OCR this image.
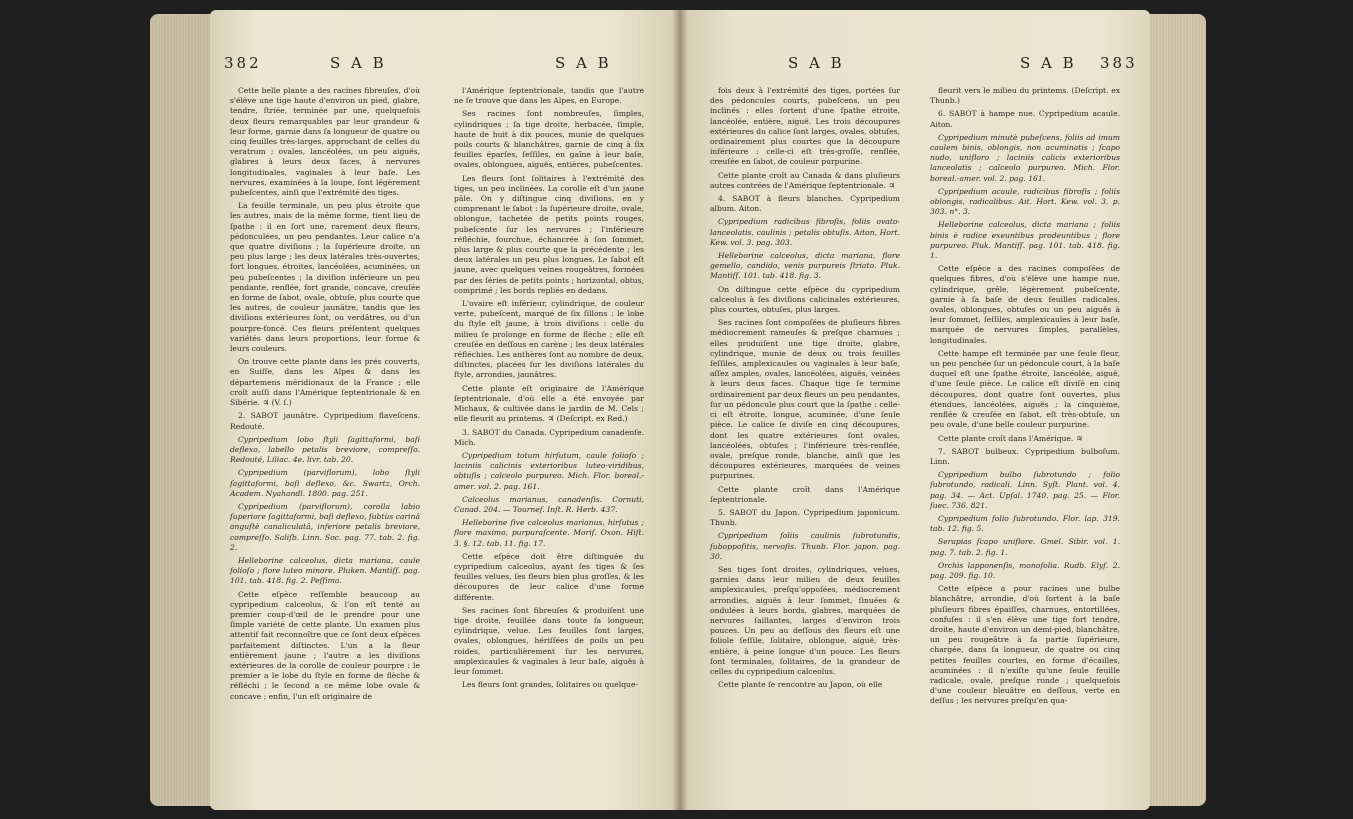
382	S A B	S A B

Cette belle plante a des racines fibreuſes, d'où s'élève une tige haute d'environ un pied, glabre, tendre, ſtriée, terminée par une, quelquefois deux fleurs remarquables par leur grandeur & leur forme, garnie dans ſa longueur de quatre ou cinq feuilles très-larges, approchant de celles du veratrum ; ovales, lancéolées, un peu aiguës, glabres à leurs deux faces, à nervures longitudinales, vaginales à leur baſe. Les nervures, examinées à la loupe, ſont légèrement pubeſcentes, ainſi que l'extrémité des tiges.

La feuille terminale, un peu plus étroite que les autres, mais de la même forme, tient lieu de ſpathe : il en ſort une, rarement deux fleurs, pédonculées, un peu pendantes. Leur calice n'a que quatre diviſions ; la ſupérieure droite, un peu plus large ; les deux latérales très-ouvertes, fort longues, étroites, lancéolées, acuminées, un peu pubeſcentes ; la diviſion inférieure un peu pendante, renflée, fort grande, concave, creuſée en forme de ſabot, ovale, obtuſe, plus courte que les autres, de couleur jaunâtre, tandis que les diviſions extérieures ſont, ou verdâtres, ou d'un pourpre-foncé. Ces fleurs préſentent quelques variétés dans leurs proportions, leur forme & leurs couleurs.

On trouve cette plante dans les prés couverts, en Suiſſe, dans les Alpes & dans les départemens méridionaux de la France ; elle croît auſſi dans l'Amérique ſeptentrionale & en Sibérie. ♃ (V. ſ.)

2. SABOT jaunâtre. Cypripedium flaveſcens. Redouté.

Cypripedium lobo ſtyli ſagittaformi, baſi deflexo, labello petalis breviore, compreſſo. Redouté, Liliac. 4e. livr. tab. 20.

Cypripedium (parviflorum), lobo ſtyli ſagittaformi, baſi deflexo, &c. Swartz, Orch. Academ. Nyahandl. 1800. pag. 251.

Cypripedium (parviflorum), corolla labio ſuperiore ſagittaformi, baſi deflexo, ſubtùs carinâ anguſtè canaliculatâ, inferiore petalis breviore, compreſſo. Saliſb. Linn. Soc. pag. 77. tab. 2. fig. 2.

Helleborine calceolus, dicta mariana, caule folioſo ; flore luteo minore. Pluken. Mantiſſ. pag. 101. tab. 418. fig. 2. Peſſima.

Cette eſpèce reſſemble beaucoup au cypripedium calceolus, & l'on eſt tenté au premier coup-d'œil de le prendre pour une ſimple variété de cette plante. Un examen plus attentif fait reconnoître que ce ſont deux eſpèces parfaitement diſtinctes. L'un a la fleur entièrement jaune ; l'autre a les diviſions extérieures de la corolle de couleur pourpre : le premier a le lobe du ſtyle en forme de flèche & réfléchi ; le ſecond a ce même lobe ovale & concave ; enfin, l'un eſt originaire de

l'Amérique ſeptentrionale, tandis que l'autre ne ſe trouve que dans les Alpes, en Europe.

Ses racines ſont nombreuſes, ſimples, cylindriques ; ſa tige droite, herbacée, ſimple, haute de huit à dix pouces, munie de quelques poils courts & blanchâtres, garnie de cinq à ſix feuilles éparſes, ſeſſiles, en gaîne à leur baſe, ovales, oblongues, aiguës, entières, pubeſcentes.

Les fleurs ſont ſolitaires à l'extrémité des tiges, un peu inclinées. La corolle eſt d'un jaune pâle. On y diſtingue cinq diviſions, en y comprenant le ſabot : la ſupérieure droite, ovale, oblongue, tachetée de petits points rouges, pubeſcente ſur les nervures ; l'inférieure réfléchie, fourchue, échancrée à ſon ſommet, plus large & plus courte que la précédente ; les deux latérales un peu plus longues. Le ſabot eſt jaune, avec quelques veines rougeâtres, formées par des ſéries de petits points ; horizontal, obtus, comprimé ; les bords repliés en dedans.

L'ovaire eſt inférieur, cylindrique, de couleur verte, pubeſcent, marqué de ſix ſillons : le lobe du ſtyle eſt jaune, à trois diviſions : celle du milieu ſe prolonge en forme de flèche ; elle eſt creuſée en deſſous en carène ; les deux latérales réfléchies. Les anthères ſont au nombre de deux, diſtinctes, placées ſur les diviſions latérales du ſtyle, arrondies, jaunâtres.

Cette plante eſt originaire de l'Amérique ſeptentrionale, d'où elle a été envoyée par Michaux, & cultivée dans le jardin de M. Cels ; elle fleurit au printems. ♃ (Deſcript. ex Red.)

3. SABOT du Canada. Cypripedium canadenſe. Mich.

Cypripedium totum hirſutum, caule folioſo ; laciniis calicinis exterioribus luteo-viridibus, obtuſis ; calceolo purpureo. Mich. Flor. boreal.-amer. vol. 2. pag. 161.

Calceolus marianus, canadenſis. Cornuti, Canad. 204. — Tournef. Inſt. R. Herb. 437.

Helleborine ſive calceolus marianus, hirſutus ; flore maximo, purpuraſcente. Moriſ. Oxon. Hiſt. 3. §. 12. tab. 11. fig. 17.

Cette eſpèce doit être diſtinguée du cypripedium calceolus, ayant ſes tiges & ſes feuilles velues, ſes fleurs bien plus groſſes, & les découpures de leur calice d'une forme différente.

Ses racines ſont fibreuſes & produiſent une tige droite, feuillée dans toute ſa longueur, cylindrique, velue. Les feuilles ſont larges, ovales, oblongues, hériſſées de poils un peu roides, particulièrement ſur les nervures, amplexicaules & vaginales à leur baſe, aiguës à leur ſommet.

Les fleurs ſont grandes, ſolitaires ou quelque-

S A B	S A B 383

fois deux à l'extrémité des tiges, portées ſur des pédoncules courts, pubeſcens, un peu inclinés : elles ſortent d'une ſpathe étroite, lancéolée, entière, aiguë. Les trois découpures extérieures du calice ſont larges, ovales, obtuſes, ordinairement plus courtes que la découpure inférieure : celle-ci eſt très-groſſe, renflée, creuſée en ſabot, de couleur purpurine.

Cette plante croît au Canada & dans pluſieurs autres contrées de l'Amérique ſeptentrionale. ♃

4. SABOT à fleurs blanches. Cypripedium album. Aiton.

Cypripedium radicibus fibroſis, foliis ovato-lanceolatis, caulinis ; petalis obtuſis. Aiton, Hort. Kew. vol. 3. pag. 303.

Helleborine calceolus, dicta mariana, flore gemello, candido, venis purpureis ſtriato. Pluk. Mantiſſ. 101. tab. 418. fig. 3.

On diſtingue cette eſpèce du cypripedium calceolus à ſes diviſions calicinales extérieures, plus courtes, obtuſes, plus larges.

Ses racines ſont compoſées de pluſieurs fibres médiocrement rameuſes & preſque charnues ; elles produiſent une tige droite, glabre, cylindrique, munie de deux ou trois feuilles ſeſſiles, amplexicaules ou vaginales à leur baſe, aſſez amples, ovales, lancéolées, aiguës, veinées à leurs deux faces. Chaque tige ſe termine ordinairement par deux fleurs un peu pendantes, ſur un pédoncule plus court que la ſpathe : celle-ci eſt étroite, longue, acuminée, d'une ſeule pièce. Le calice ſe diviſe en cinq découpures, dont les quatre extérieures ſont ovales, lancéolées, obtuſes ; l'inférieure très-renflée, ovale, preſque ronde, blanche, ainſi que les découpures extérieures, marquées de veines purpurines.

Cette plante croît dans l'Amérique ſeptentrionale.

5. SABOT du Japon. Cypripedium japonicum. Thunb.

Cypripedium foliis caulinis ſubrotundis, ſuboppoſitis, nervoſis. Thunb. Flor. japon. pag. 30.

Ses tiges ſont droites, cylindriques, velues, garnies dans leur milieu de deux feuilles amplexicaules, preſqu'oppoſées, médiocrement arrondies, aiguës à leur ſommet, ſinuées & ondulées à leurs bords, glabres, marquées de nervures ſaillantes, larges d'environ trois pouces. Un peu au deſſous des fleurs eſt une foliole ſeſſile, ſolitaire, oblongue, aiguë, très-entière, à peine longue d'un pouce. Les fleurs ſont terminales, ſolitaires, de la grandeur de celles du cypripedium calceolus.

Cette plante ſe rencontre au Japon, où elle

fleurit vers le milieu du printems. (Deſcript. ex Thunb.)

6. SABOT à hampe nue. Cypripedium acaule. Aiton.

Cypripedium minutè pubeſcens, foliis ad imum caulem binis, oblongis, non acuminatis ; ſcapo nudo, unifloro ; laciniis calicis exterioribus lanceolatis ; calceolo purpureo. Mich. Flor. boreal.-amer. vol. 2. pag. 161.

Cypripedium acaule, radicibus fibroſis ; foliis oblongis, radicalibus. Ait. Hort. Kew. vol. 3. p. 303. n°. 3.

Helleborine calceolus, dicta mariana ; foliis binis è radice exeuntibus prodeuntibus ; flore purpureo. Pluk. Mantiſſ. pag. 101. tab. 418. fig. 1.

Cette eſpèce a des racines compoſées de quelques fibres, d'où s'élève une hampe nue, cylindrique, grêle, légèrement pubeſcente, garnie à ſa baſe de deux feuilles radicales, ovales, oblongues, obtuſes ou un peu aiguës à leur ſommet, ſeſſiles, amplexicaules à leur baſe, marquée de nervures ſimples, parallèles, longitudinales.

Cette hampe eſt terminée par une ſeule fleur, un peu penchée ſur un pédoncule court, à la baſe duquel eſt une ſpathe étroite, lancéolée, aiguë, d'une ſeule pièce. Le calice eſt diviſé en cinq découpures, dont quatre ſont ouvertes, plus étendues, lancéolées, aiguës ; la cinquième, renflée & creuſée en ſabot, eſt très-obtuſe, un peu ovale, d'une belle couleur purpurine.

Cette plante croît dans l'Amérique. ♃

7. SABOT bulbeux. Cypripedium bulboſum. Linn.

Cypripedium bulbo ſubrotundo ; folio ſubrotundo, radicali. Linn. Syſt. Plant. vol. 4. pag. 34. — Act. Upſal. 1740. pag. 25. — Flor. ſuec. 736. 821.

Cypripedium folio ſubrotundo. Flor. lap. 319. tab. 12. fig. 5.

Serapias ſcapo uniflore. Gmel. Sibir. vol. 1. pag. 7. tab. 2. fig. 1.

Orchis lapponenſis, monofolia. Rudb. Elyſ. 2. pag. 209. fig. 10.

Cette eſpèce a pour racines une bulbe blanchâtre, arrondie, d'où ſortent à la baſe pluſieurs fibres épaiſſes, charnues, entortillées, confuſes : il s'en élève une tige fort tendre, droite, haute d'environ un demi-pied, blanchâtre, un peu rougeâtre à ſa partie ſupérieure, chargée, dans ſa longueur, de quatre ou cinq petites feuilles courtes, en forme d'écailles, acuminées : il n'exiſte qu'une ſeule feuille radicale, ovale, preſque ronde ; quelquefois d'une couleur bleuâtre en deſſous, verte en deſſus ; les nervures preſqu'en qua-
